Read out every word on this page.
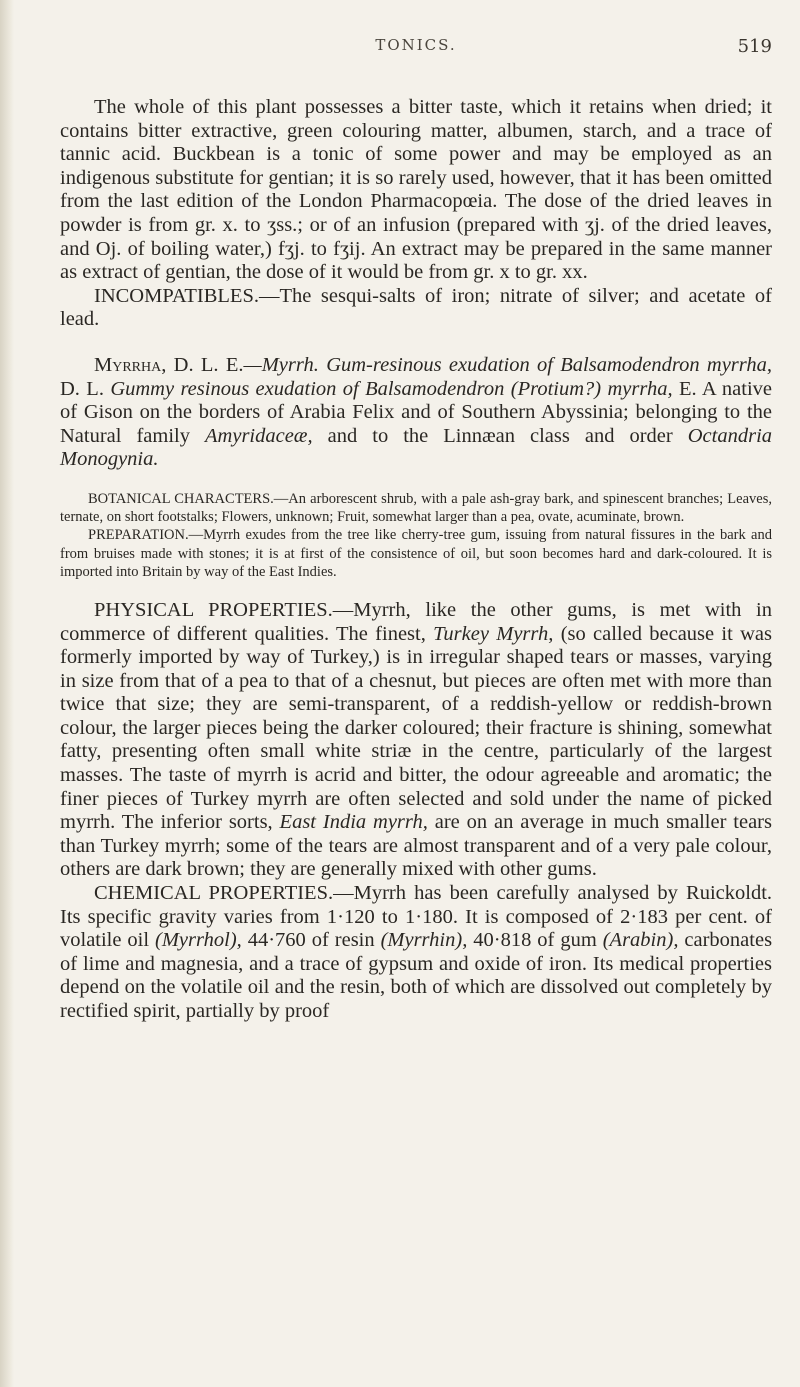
TONICS.	519

The whole of this plant possesses a bitter taste, which it retains when dried; it contains bitter extractive, green colouring matter, albumen, starch, and a trace of tannic acid. Buckbean is a tonic of some power and may be employed as an indigenous substitute for gentian; it is so rarely used, however, that it has been omitted from the last edition of the London Pharmacopœia. The dose of the dried leaves in powder is from gr. x. to ʒss.; or of an infusion (prepared with ʒj. of the dried leaves, and Oj. of boiling water,) fʒj. to fʒij. An extract may be prepared in the same manner as extract of gentian, the dose of it would be from gr. x to gr. xx.

INCOMPATIBLES.—The sesqui-salts of iron; nitrate of silver; and acetate of lead.

Myrrha, D. L. E.—Myrrh. Gum-resinous exudation of Balsamodendron myrrha, D. L. Gummy resinous exudation of Balsamodendron (Protium?) myrrha, E. A native of Gison on the borders of Arabia Felix and of Southern Abyssinia; belonging to the Natural family Amyridaceæ, and to the Linnæan class and order Octandria Monogynia.

BOTANICAL CHARACTERS.—An arborescent shrub, with a pale ash-gray bark, and spinescent branches; Leaves, ternate, on short footstalks; Flowers, unknown; Fruit, somewhat larger than a pea, ovate, acuminate, brown.

PREPARATION.—Myrrh exudes from the tree like cherry-tree gum, issuing from natural fissures in the bark and from bruises made with stones; it is at first of the consistence of oil, but soon becomes hard and dark-coloured. It is imported into Britain by way of the East Indies.

PHYSICAL PROPERTIES.—Myrrh, like the other gums, is met with in commerce of different qualities. The finest, Turkey Myrrh, (so called because it was formerly imported by way of Turkey,) is in irregular shaped tears or masses, varying in size from that of a pea to that of a chesnut, but pieces are often met with more than twice that size; they are semi-transparent, of a reddish-yellow or reddish-brown colour, the larger pieces being the darker coloured; their fracture is shining, somewhat fatty, presenting often small white striæ in the centre, particularly of the largest masses. The taste of myrrh is acrid and bitter, the odour agreeable and aromatic; the finer pieces of Turkey myrrh are often selected and sold under the name of picked myrrh. The inferior sorts, East India myrrh, are on an average in much smaller tears than Turkey myrrh; some of the tears are almost transparent and of a very pale colour, others are dark brown; they are generally mixed with other gums.

CHEMICAL PROPERTIES.—Myrrh has been carefully analysed by Ruickoldt. Its specific gravity varies from 1·120 to 1·180. It is composed of 2·183 per cent. of volatile oil (Myrrhol), 44·760 of resin (Myrrhin), 40·818 of gum (Arabin), carbonates of lime and magnesia, and a trace of gypsum and oxide of iron. Its medical properties depend on the volatile oil and the resin, both of which are dissolved out completely by rectified spirit, partially by proof
